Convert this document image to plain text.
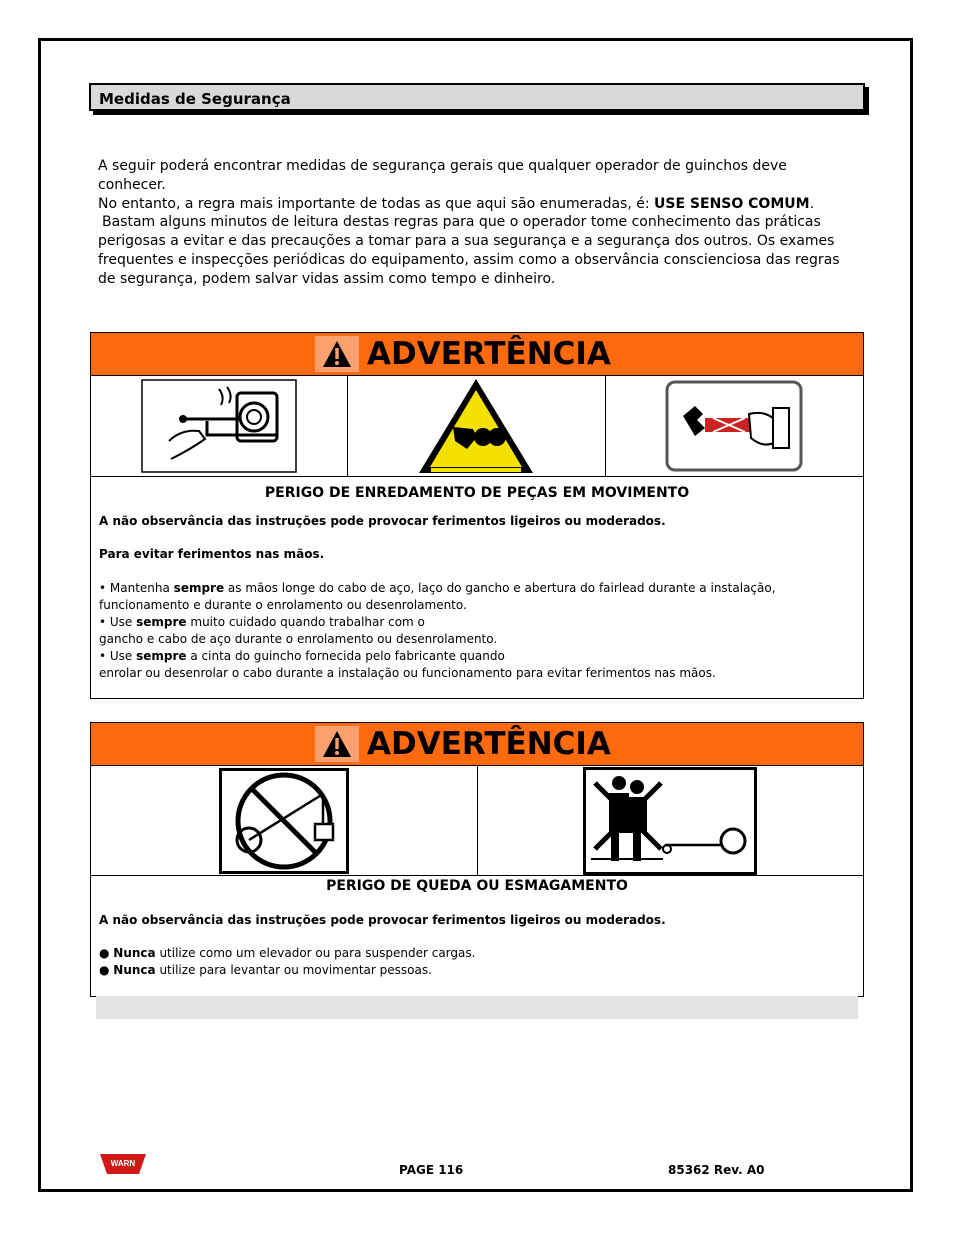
Medidas de Segurança
A seguir poderá encontrar medidas de segurança gerais que qualquer operador de guinchos deve conhecer.
No entanto, a regra mais importante de todas as que aqui são enumeradas, é: USE SENSO COMUM.
Bastam alguns minutos de leitura destas regras para que o operador tome conhecimento das práticas perigosas a evitar e das precauções a tomar para a sua segurança e a segurança dos outros. Os exames frequentes e inspecções periódicas do equipamento, assim como a observância conscienciosa das regras de segurança, podem salvar vidas assim como tempo e dinheiro.
ADVERTÊNCIA
PERIGO DE ENREDAMENTO DE PEÇAS EM MOVIMENTO
A não observância das instruções pode provocar ferimentos ligeiros ou moderados.
Para evitar ferimentos nas mãos.
• Mantenha sempre as mãos longe do cabo de aço, laço do gancho e abertura do fairlead durante a instalação,
funcionamento e durante o enrolamento ou desenrolamento.
• Use sempre muito cuidado quando trabalhar com o
gancho e cabo de aço durante o enrolamento ou desenrolamento.
• Use sempre a cinta do guincho fornecida pelo fabricante quando
enrolar ou desenrolar o cabo durante a instalação ou funcionamento para evitar ferimentos nas mãos.
ADVERTÊNCIA
PERIGO DE QUEDA OU ESMAGAMENTO
A não observância das instruções pode provocar ferimentos ligeiros ou moderados.
● Nunca utilize como um elevador ou para suspender cargas.
● Nunca utilize para levantar ou movimentar pessoas.
WARN	PAGE 116	85362 Rev. A0
